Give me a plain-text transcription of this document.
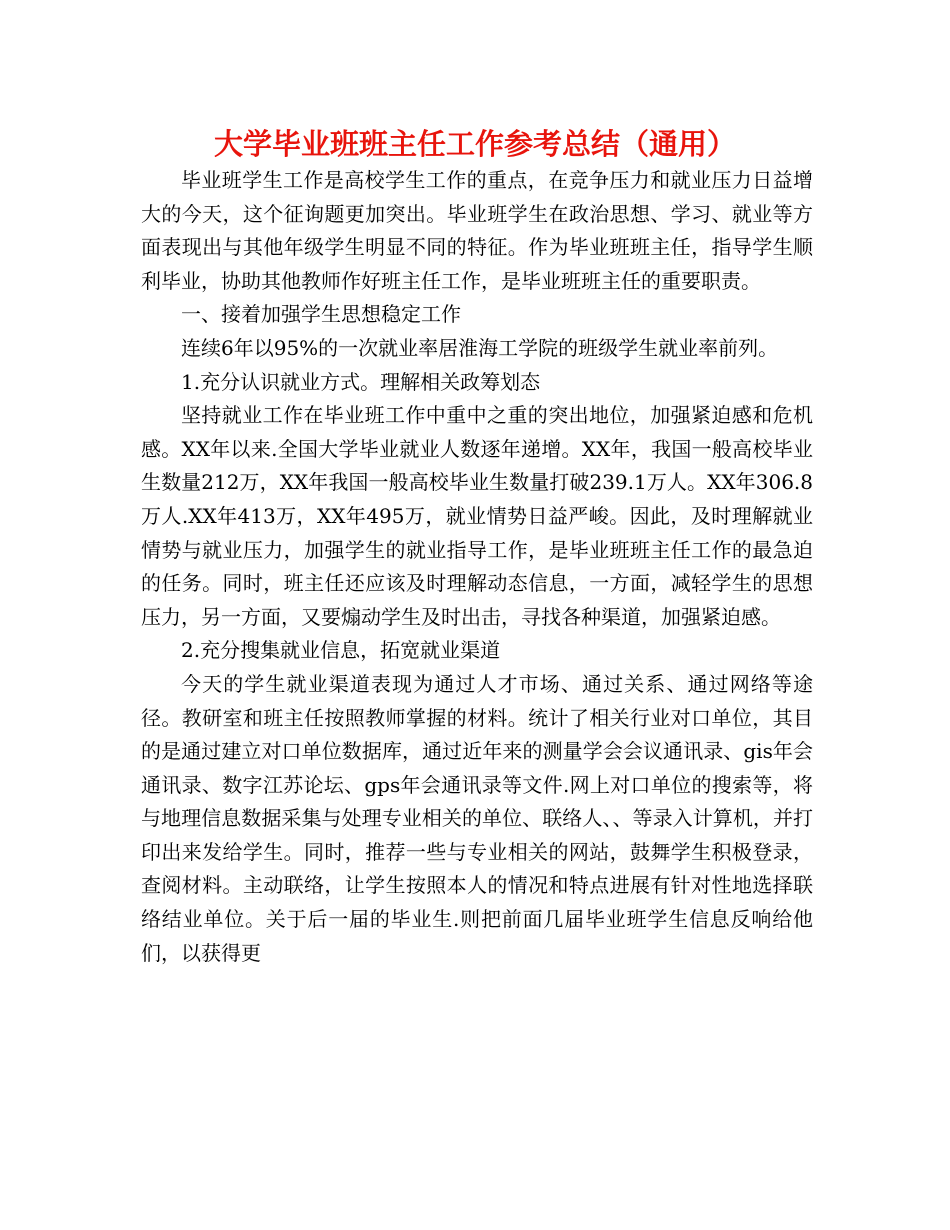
大学毕业班班主任工作参考总结（通用）

毕业班学生工作是高校学生工作的重点，在竞争压力和就业压力日益增大的今天，这个征询题更加突出。毕业班学生在政治思想、学习、就业等方面表现出与其他年级学生明显不同的特征。作为毕业班班主任，指导学生顺利毕业，协助其他教师作好班主任工作，是毕业班班主任的重要职责。

一、接着加强学生思想稳定工作

连续6年以95%的一次就业率居淮海工学院的班级学生就业率前列。

1.充分认识就业方式。理解相关政筹划态

坚持就业工作在毕业班工作中重中之重的突出地位，加强紧迫感和危机感。XX年以来.全国大学毕业就业人数逐年递增。XX年，我国一般高校毕业生数量212万，XX年我国一般高校毕业生数量打破239.1万人。XX年306.8万人.XX年413万，XX年495万，就业情势日益严峻。因此，及时理解就业情势与就业压力，加强学生的就业指导工作，是毕业班班主任工作的最急迫的任务。同时，班主任还应该及时理解动态信息，一方面，减轻学生的思想压力，另一方面，又要煽动学生及时出击，寻找各种渠道，加强紧迫感。

2.充分搜集就业信息，拓宽就业渠道

今天的学生就业渠道表现为通过人才市场、通过关系、通过网络等途径。教研室和班主任按照教师掌握的材料。统计了相关行业对口单位，其目的是通过建立对口单位数据库，通过近年来的测量学会会议通讯录、gis年会通讯录、数字江苏论坛、gps年会通讯录等文件.网上对口单位的搜索等，将与地理信息数据采集与处理专业相关的单位、联络人、、等录入计算机，并打印出来发给学生。同时，推荐一些与专业相关的网站，鼓舞学生积极登录，查阅材料。主动联络，让学生按照本人的情况和特点进展有针对性地选择联络结业单位。关于后一届的毕业生.则把前面几届毕业班学生信息反响给他们，以获得更
